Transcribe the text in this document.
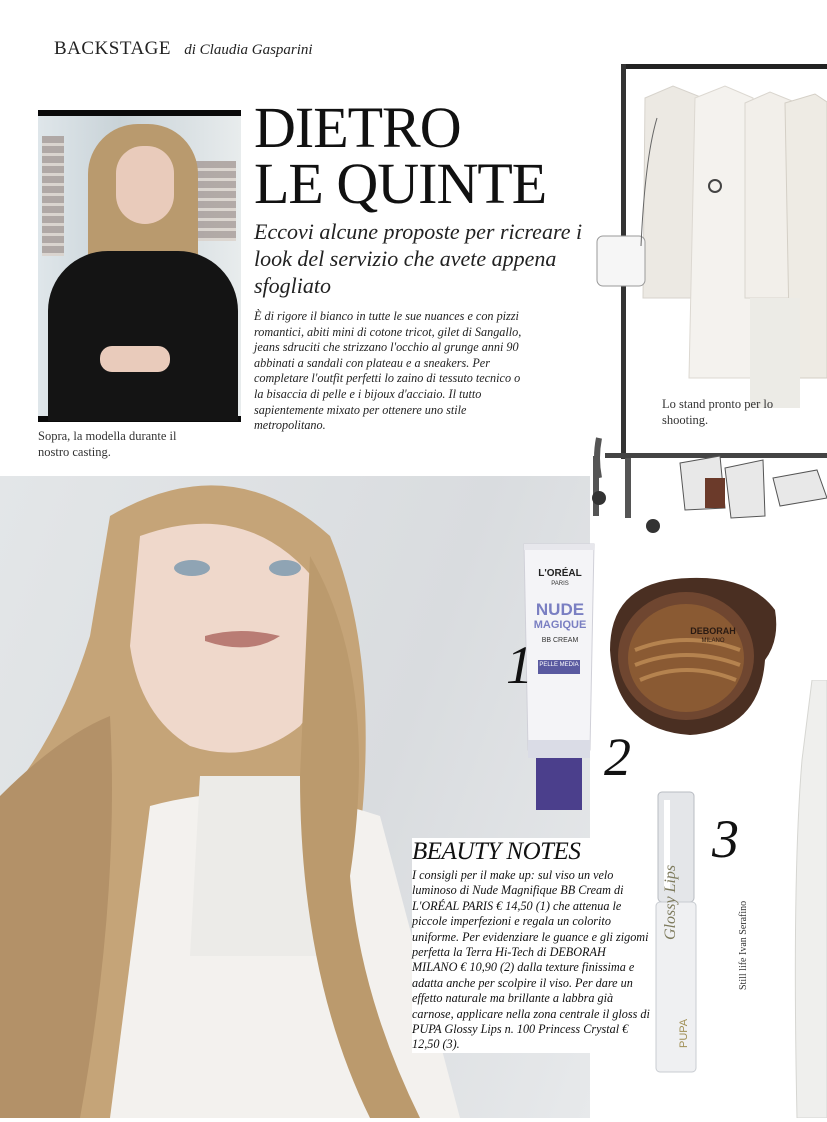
BACKSTAGE di Claudia Gasparini
Sopra, la modella durante il nostro casting.
DIETRO
LE QUINTE
Eccovi alcune proposte per ricreare i look del servizio che avete appena sfogliato
È di rigore il bianco in tutte le sue nuances e con pizzi romantici, abiti mini di cotone tricot, gilet di Sangallo, jeans sdruciti che strizzano l'occhio al grunge anni 90 abbinati a sandali con plateau e a sneakers. Per completare l'outfit perfetti lo zaino di tessuto tecnico o la bisaccia di pelle e i bijoux d'acciaio. Il tutto sapientemente mixato per ottenere uno stile metropolitano.
Lo stand pronto per lo shooting.
L'ORÉAL
PARIS
NUDE
MAGIQUE
BB CREAM
PELLE MEDIA
1
DEBORAH
MILANO
2
Glossy Lips
PUPA
3
BEAUTY NOTES
I consigli per il make up: sul viso un velo luminoso di Nude Magnifique BB Cream di L'ORÉAL PARIS € 14,50 (1) che attenua le piccole imperfezioni e regala un colorito uniforme. Per evidenziare le guance e gli zigomi perfetta la Terra Hi-Tech di DEBORAH MILANO € 10,90 (2) dalla texture finissima e adatta anche per scolpire il viso. Per dare un effetto naturale ma brillante a labbra già carnose, applicare nella zona centrale il gloss di PUPA Glossy Lips n. 100 Princess Crystal € 12,50 (3).
Still life Ivan Serafino
